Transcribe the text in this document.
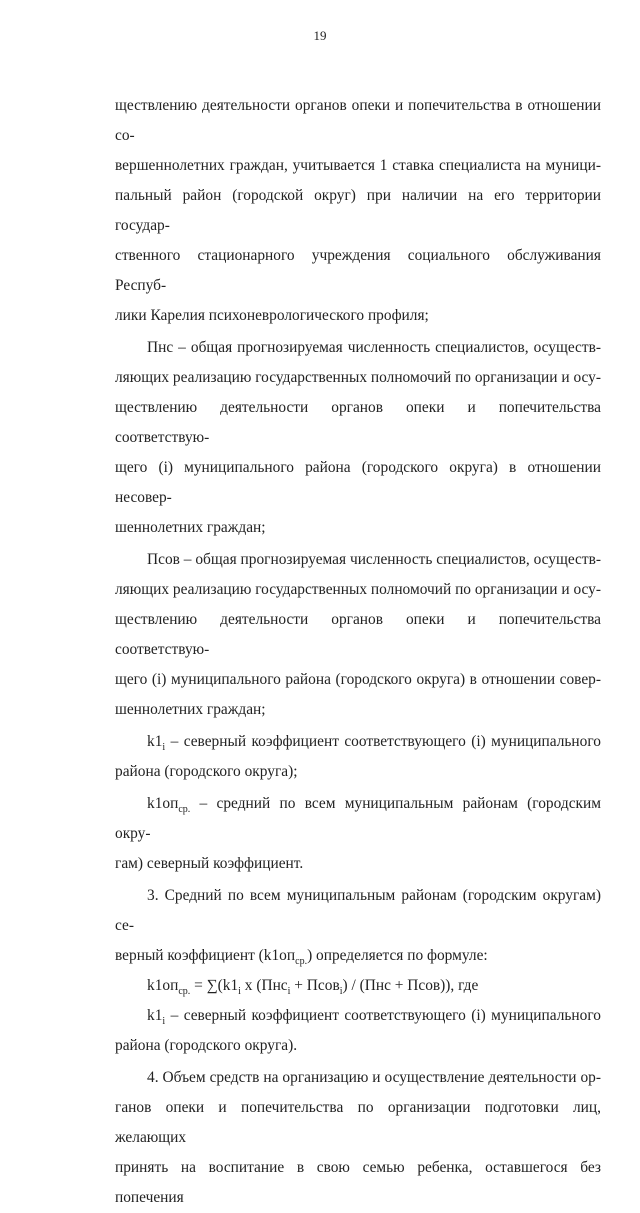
19

ществлению деятельности органов опеки и попечительства в отношении со-

вершеннолетних граждан, учитывается 1 ставка специалиста на муници-

пальный район (городской округ) при наличии на его территории государ-

ственного стационарного учреждения социального обслуживания Респуб-

лики Карелия психоневрологического профиля;

Пнс – общая прогнозируемая численность специалистов, осуществ-

ляющих реализацию государственных полномочий по организации и осу-

ществлению деятельности органов опеки и попечительства соответствую-

щего (i) муниципального района (городского округа) в отношении несовер-

шеннолетних граждан;

Псов – общая прогнозируемая численность специалистов, осуществ-

ляющих реализацию государственных полномочий по организации и осу-

ществлению деятельности органов опеки и попечительства соответствую-

щего (i) муниципального района (городского округа) в отношении совер-

шеннолетних граждан;

$k1_i$ – северный коэффициент соответствующего (i) муниципального

района (городского округа);

$k1оп_{ср.}$ – средний по всем муниципальным районам (городским окру-

гам) северный коэффициент.

3. Средний по всем муниципальным районам (городским округам) се-

верный коэффициент $(k1оп_{ср.})$ определяется по формуле:

$k1оп_{ср.} = \sum(k1_i$ x (Пнс$_i$ + Псов$_i$) / (Пнс + Псов)), где

$k1_i$ – северный коэффициент соответствующего (i) муниципального

района (городского округа).

4. Объем средств на организацию и осуществление деятельности ор-

ганов опеки и попечительства по организации подготовки лиц, желающих

принять на воспитание в свою семью ребенка, оставшегося без попечения
